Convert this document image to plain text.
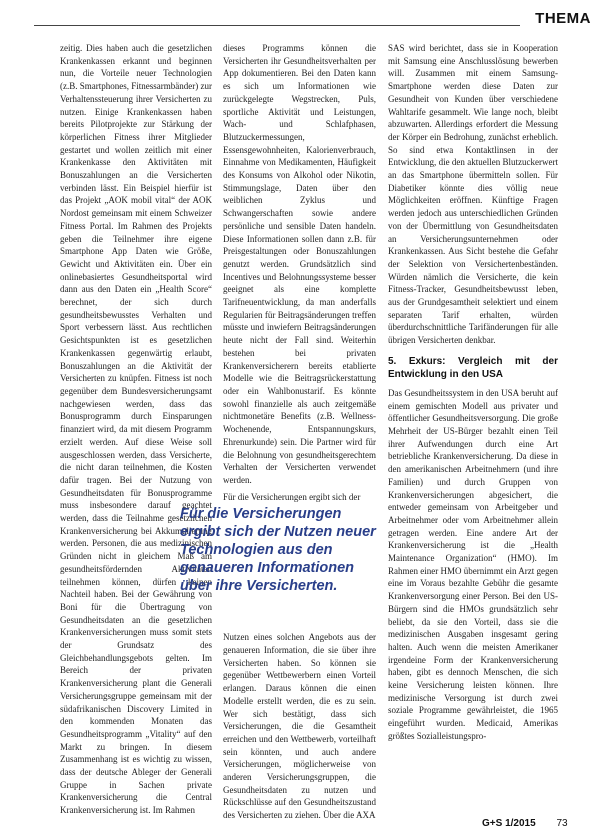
THEMA

zeitig. Dies haben auch die gesetzlichen Krankenkassen erkannt und beginnen nun, die Vorteile neuer Technologien (z.B. Smartphones, Fitnessarmbänder) zur Verhaltenssteuerung ihrer Versicherten zu nutzen. Einige Krankenkassen haben bereits Pilotprojekte zur Stärkung der körperlichen Fitness ihrer Mitglieder gestartet und wollen zeitlich mit einer Krankenkasse den Aktivitäten mit Bonuszahlungen an die Versicherten verbinden lässt. Ein Beispiel hierfür ist das Projekt „AOK mobil vital“ der AOK Nordost gemeinsam mit einem Schweizer Fitness Portal. Im Rahmen des Projekts geben die Teilnehmer ihre eigene Smartphone App Daten wie Größe, Gewicht und Aktivitäten ein. Über ein onlinebasiertes Gesundheitsportal wird dann aus den Daten ein „Health Score“ berechnet, der sich durch gesundheitsbewusstes Verhalten und Sport verbessern lässt. Aus rechtlichen Gesichtspunkten ist es gesetzlichen Krankenkassen gegenwärtig erlaubt, Bonuszahlungen an die Aktivität der Versicherten zu knüpfen. Fitness ist noch gegenüber dem Bundesversicherungsamt nachgewiesen werden, dass das Bonusprogramm durch Einsparungen finanziert wird, da mit diesem Programm erzielt werden. Auf diese Weise soll ausgeschlossen werden, dass Versicherte, die nicht daran teilnehmen, die Kosten dafür tragen. Bei der Nutzung von Gesundheitsdaten für Bonusprogramme muss insbesondere darauf geachtet werden, dass die Teilnahme gesetzlichen Krankenversicherung bei Akkumulierung werden. Personen, die aus medizinischen Gründen nicht in gleichem Maß am gesundheitsfördernden Aktivitäten teilnehmen können, dürfen keinen Nachteil haben. Bei der Gewährung von Boni für die Übertragung von Gesundheitsdaten an die gesetzlichen Krankenversicherungen muss somit stets der Grundsatz des Gleichbehandlungsgebots gelten. Im Bereich der privaten Krankenversicherung plant die Generali Versicherungsgruppe gemeinsam mit der südafrikanischen Discovery Limited in den kommenden Monaten das Gesundheitsprogramm „Vitality“ auf den Markt zu bringen. In diesem Zusammenhang ist es wichtig zu wissen, dass der deutsche Ableger der Generali Gruppe in Sachen private Krankenversicherung die Central Krankenversicherung ist. Im Rahmen

dieses Programms können die Versicherten ihr Gesundheitsverhalten per App dokumentieren. Bei den Daten kann es sich um Informationen wie zurückgelegte Wegstrecken, Puls, sportliche Aktivität und Leistungen, Wach- und Schlafphasen, Blutzuckermessungen, Essensgewohnheiten, Kalorienverbrauch, Einnahme von Medikamenten, Häufigkeit des Konsums von Alkohol oder Nikotin, Stimmungslage, Daten über den weiblichen Zyklus und Schwangerschaften sowie andere persönliche und sensible Daten handeln. Diese Informationen sollen dann z.B. für Preisgestaltungen oder Bonuszahlungen genutzt werden. Grundsätzlich sind Incentives und Belohnungssysteme besser geeignet als eine komplette Tarifneuentwicklung, da man anderfalls Regularien für Beitragsänderungen treffen müsste und inwiefern Beitragsänderungen heute nicht der Fall sind. Weiterhin bestehen bei privaten Krankenversicherern bereits etablierte Modelle wie die Beitragsrückerstattung oder ein Wahlbonustarif. Es könnte sowohl finanzielle als auch zeitgemäße nichtmonetäre Benefits (z.B. Wellness-Wochenende, Entspannungskurs, Ehrenurkunde) sein. Die Partner wird für die Belohnung von gesundheitsgerechtem Verhalten der Versicherten verwendet werden.

Für die Versicherungen ergibt sich der

Nutzen eines solchen Angebots aus der genaueren Information, die sie über ihre Versicherten haben. So können sie gegenüber Wettbewerbern einen Vorteil erlangen. Daraus können die einen Modelle erstellt werden, die es zu sein. Wer sich bestätigt, dass sich Versicherungen, die die Gesamtheit erreichen und den Wettbewerb, vorteilhaft sein könnten, und auch andere Versicherungen, möglicherweise von anderen Versicherungsgruppen, die Gesundheitsdaten zu nutzen und Rückschlüsse auf den Gesundheitszustand des Versicherten zu ziehen. Über die AXA

SAS wird berichtet, dass sie in Kooperation mit Samsung eine Anschlusslösung bewerben will. Zusammen mit einem Samsung-Smartphone werden diese Daten zur Gesundheit von Kunden über verschiedene Wahltarife gesammelt. Wie lange noch, bleibt abzuwarten. Allerdings erfordert die Messung der Körper ein Bedrohung, zunächst erheblich. So sind etwa Kontaktlinsen in der Entwicklung, die den aktuellen Blutzuckerwert an das Smartphone übermitteln sollen. Für Diabetiker könnte dies völlig neue Möglichkeiten eröffnen. Künftige Fragen werden jedoch aus unterschiedlichen Gründen von der Übermittlung von Gesundheitsdaten an Versicherungsunternehmen oder Krankenkassen. Aus Sicht bestehe die Gefahr der Selektion von Versichertenbeständen. Würden nämlich die Versicherte, die kein Fitness-Tracker, Gesundheitsbewusst leben, aus der Grundgesamtheit selektiert und einem separaten Tarif erhalten, würden überdurchschnittliche Tarifänderungen für alle übrigen Versicherten denkbar.

5. Exkurs: Vergleich mit der Entwicklung in den USA

Das Gesundheitssystem in den USA beruht auf einem gemischten Modell aus privater und öffentlicher Gesundheitsversorgung. Die große Mehrheit der US-Bürger bezahlt einen Teil ihrer Aufwendungen durch eine Art betriebliche Krankenversicherung. Da diese in den amerikanischen Arbeitnehmern (und ihre Familien) und durch Gruppen von Krankenversicherungen abgesichert, die entweder gemeinsam von Arbeitgeber und Arbeitnehmer oder vom Arbeitnehmer allein getragen werden. Eine andere Art der Krankenversicherung ist die „Health Maintenance Organization“ (HMO). Im Rahmen einer HMO übernimmt ein Arzt gegen eine im Voraus bezahlte Gebühr die gesamte Krankenversorgung einer Person. Bei den US-Bürgern sind die HMOs grundsätzlich sehr beliebt, da sie den Vorteil, dass sie die medizinischen Ausgaben insgesamt gering halten. Auch wenn die meisten Amerikaner irgendeine Form der Krankenversicherung haben, gibt es dennoch Menschen, die sich keine Versicherung leisten können. Ihre medizinische Versorgung ist durch zwei soziale Programme gewährleistet, die 1965 eingeführt wurden. Medicaid, Amerikas größtes Sozialleistungspro-

Für die Versicherungen ergibt sich der Nutzen neuer Technologien aus den genaueren Informationen über ihre Versicherten.
G+S 1/2015 73
